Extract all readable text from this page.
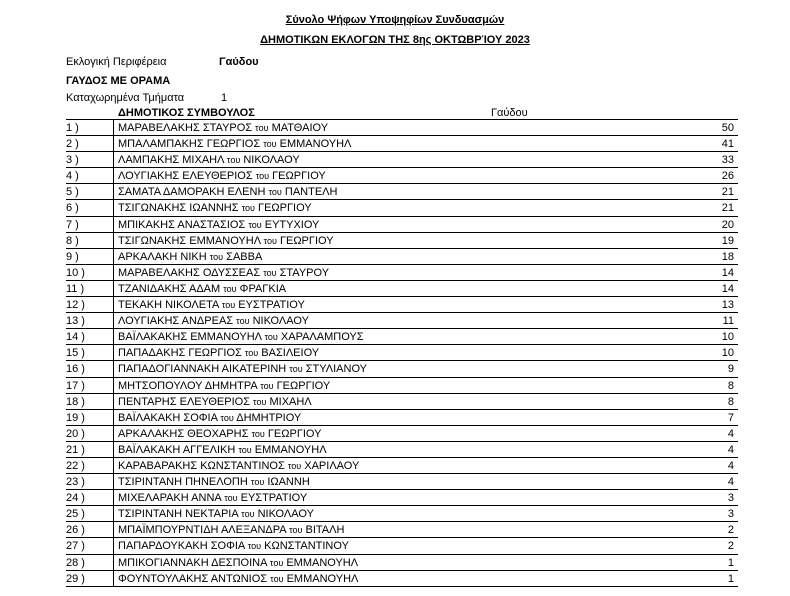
Σύνολο Ψήφων Υποψηφίων Συνδυασμών
ΔΗΜΟΤΙΚΩΝ ΕΚΛΟΓΩΝ ΤΗΣ 8ης ΟΚΤΩΒΡΊΟΥ 2023
Εκλογική Περιφέρεια	Γαύδου
ΓΑΥΔΟΣ ΜΕ ΟΡΑΜΑ
Καταχωρημένα Τμήματα	1
ΔΗΜΟΤΙΚΟΣ ΣΥΜΒΟΥΛΟΣ	Γαύδου
1 )	ΜΑΡΑΒΕΛΑΚΗΣ ΣΤΑΥΡΟΣ του ΜΑΤΘΑΙΟΥ	50
2 )	ΜΠΑΛΑΜΠΑΚΗΣ ΓΕΩΡΓΙΟΣ του ΕΜΜΑΝΟΥΗΛ	41
3 )	ΛΑΜΠΑΚΗΣ ΜΙΧΑΗΛ του ΝΙΚΟΛΑΟΥ	33
4 )	ΛΟΥΓΙΑΚΗΣ ΕΛΕΥΘΕΡΙΟΣ του ΓΕΩΡΓΙΟΥ	26
5 )	ΣΑΜΑΤΑ ΔΑΜΟΡΑΚΗ ΕΛΕΝΗ του ΠΑΝΤΕΛΗ	21
6 )	ΤΣΙΓΩΝΑΚΗΣ ΙΩΑΝΝΗΣ του ΓΕΩΡΓΙΟΥ	21
7 )	ΜΠΙΚΑΚΗΣ ΑΝΑΣΤΑΣΙΟΣ του ΕΥΤΥΧΙΟΥ	20
8 )	ΤΣΙΓΩΝΑΚΗΣ ΕΜΜΑΝΟΥΗΛ του ΓΕΩΡΓΙΟΥ	19
9 )	ΑΡΚΑΛΑΚΗ ΝΙΚΗ του ΣΑΒΒΑ	18
10 )	ΜΑΡΑΒΕΛΑΚΗΣ ΟΔΥΣΣΕΑΣ του ΣΤΑΥΡΟΥ	14
11 )	ΤΖΑΝΙΔΑΚΗΣ ΑΔΑΜ του ΦΡΑΓΚΙΑ	14
12 )	ΤΕΚΑΚΗ ΝΙΚΟΛΕΤΑ του ΕΥΣΤΡΑΤΙΟΥ	13
13 )	ΛΟΥΓΙΑΚΗΣ ΑΝΔΡΕΑΣ του ΝΙΚΟΛΑΟΥ	11
14 )	ΒΑΪΛΑΚΑΚΗΣ ΕΜΜΑΝΟΥΗΛ του ΧΑΡΑΛΑΜΠΟΥΣ	10
15 )	ΠΑΠΑΔΑΚΗΣ ΓΕΩΡΓΙΟΣ του ΒΑΣΙΛΕΙΟΥ	10
16 )	ΠΑΠΑΔΟΓΙΑΝΝΑΚΗ ΑΙΚΑΤΕΡΙΝΗ του ΣΤΥΛΙΑΝΟΥ	9
17 )	ΜΗΤΣΟΠΟΥΛΟΥ ΔΗΜΗΤΡΑ του ΓΕΩΡΓΙΟΥ	8
18 )	ΠΕΝΤΑΡΗΣ ΕΛΕΥΘΕΡΙΟΣ του ΜΙΧΑΗΛ	8
19 )	ΒΑΪΛΑΚΑΚΗ ΣΟΦΙΑ του ΔΗΜΗΤΡΙΟΥ	7
20 )	ΑΡΚΑΛΑΚΗΣ ΘΕΟΧΑΡΗΣ του ΓΕΩΡΓΙΟΥ	4
21 )	ΒΑΪΛΑΚΑΚΗ ΑΓΓΕΛΙΚΗ του ΕΜΜΑΝΟΥΗΛ	4
22 )	ΚΑΡΑΒΑΡΑΚΗΣ ΚΩΝΣΤΑΝΤΙΝΟΣ του ΧΑΡΙΛΑΟΥ	4
23 )	ΤΣΙΡΙΝΤΑΝΗ ΠΗΝΕΛΟΠΗ του ΙΩΑΝΝΗ	4
24 )	ΜΙΧΕΛΑΡΑΚΗ ΑΝΝΑ του ΕΥΣΤΡΑΤΙΟΥ	3
25 )	ΤΣΙΡΙΝΤΑΝΗ ΝΕΚΤΑΡΙΑ του ΝΙΚΟΛΑΟΥ	3
26 )	ΜΠΑΪΜΠΟΥΡΝΤΙΔΗ ΑΛΕΞΑΝΔΡΑ του ΒΙΤΑΛΗ	2
27 )	ΠΑΠΑΡΔΟΥΚΑΚΗ ΣΟΦΙΑ του ΚΩΝΣΤΑΝΤΙΝΟΥ	2
28 )	ΜΠΙΚΟΓΙΑΝΝΑΚΗ ΔΕΣΠΟΙΝΑ του ΕΜΜΑΝΟΥΗΛ	1
29 )	ΦΟΥΝΤΟΥΛΑΚΗΣ ΑΝΤΩΝΙΟΣ του ΕΜΜΑΝΟΥΗΛ	1
